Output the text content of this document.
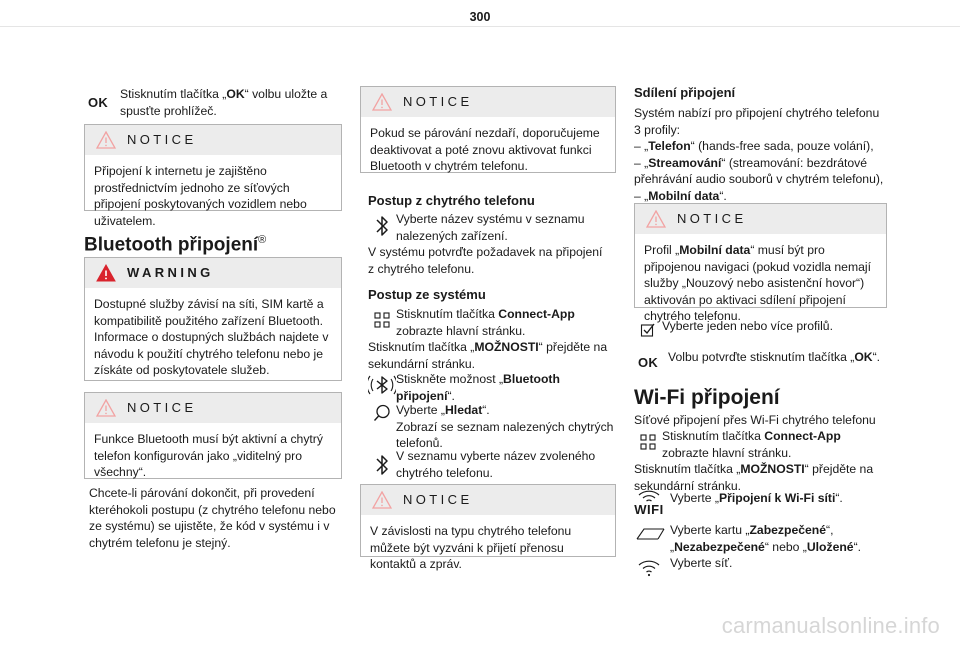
300
OK

Stisknutím tlačítka „OK“ volbu uložte a spusťte prohlížeč.

NOTICE
Připojení k internetu je zajištěno prostřednictvím jednoho ze síťových připojení poskytovaných vozidlem nebo uživatelem.
Bluetooth připojení®
WARNING
Dostupné služby závisí na síti, SIM kartě a kompatibilitě použitého zařízení Bluetooth. Informace o dostupných službách najdete v návodu k použití chytrého telefonu nebo je získáte od poskytovatele služeb.
NOTICE
Funkce Bluetooth musí být aktivní a chytrý telefon konfigurován jako „viditelný pro všechny“.

Chcete-li párování dokončit, při provedení kteréhokoli postupu (z chytrého telefonu nebo ze systému) se ujistěte, že kód v systému i v chytrém telefonu je stejný.

NOTICE
Pokud se párování nezdaří, doporučujeme deaktivovat a poté znovu aktivovat funkci Bluetooth v chytrém telefonu.
Postup z chytrého telefonu

Vyberte název systému v seznamu nalezených zařízení.

V systému potvrďte požadavek na připojení z chytrého telefonu.

Postup ze systému

Stisknutím tlačítka Connect-App zobrazte hlavní stránku.

Stisknutím tlačítka „MOŽNOSTI“ přejděte na sekundární stránku.

Stiskněte možnost „Bluetooth připojení“.

Vyberte „Hledat“.
Zobrazí se seznam nalezených chytrých telefonů.

V seznamu vyberte název zvoleného chytrého telefonu.

NOTICE
V závislosti na typu chytrého telefonu můžete být vyzváni k přijetí přenosu kontaktů a zpráv.
Sdílení připojení

Systém nabízí pro připojení chytrého telefonu 3 profily:

– „Telefon“ (hands-free sada, pouze volání),

– „Streamování“ (streamování: bezdrátové přehrávání audio souborů v chytrém telefonu),

– „Mobilní data“.

NOTICE
Profil „Mobilní data“ musí být pro připojenou navigaci (pokud vozidla nemají služby „Nouzový nebo asistenční hovor“) aktivován po aktivaci sdílení připojení chytrého telefonu.

Vyberte jeden nebo více profilů.

OK Volbu potvrďte stisknutím tlačítka „OK“.

Wi-Fi připojení

Síťové připojení přes Wi-Fi chytrého telefonu

Stisknutím tlačítka Connect-App zobrazte hlavní stránku.

Stisknutím tlačítka „MOŽNOSTI“ přejděte na sekundární stránku.

WIFI

Vyberte „Připojení k Wi-Fi síti“.

Vyberte kartu „Zabezpečené“, „Nezabezpečené“ nebo „Uložené“.

Vyberte síť.

carmanualsonline.info
